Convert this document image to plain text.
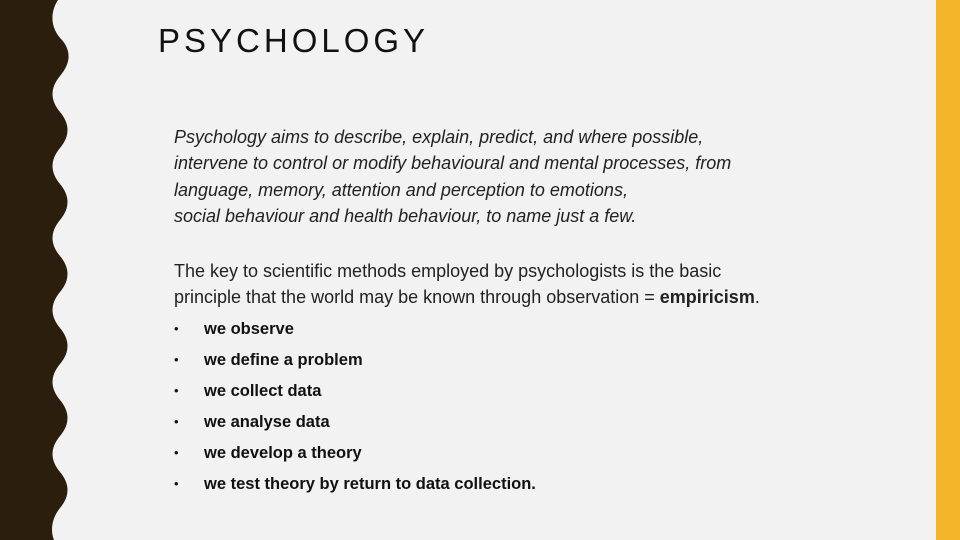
PSYCHOLOGY
Psychology aims to describe, explain, predict, and where possible,
intervene to control or modify behavioural and mental processes, from
language, memory, attention and perception to emotions,
social behaviour and health behaviour, to name just a few.
The key to scientific methods employed by psychologists is the basic
principle that the world may be known through observation = empiricism.
• we observe
• we define a problem
• we collect data
• we analyse data
• we develop a theory
• we test theory by return to data collection.
